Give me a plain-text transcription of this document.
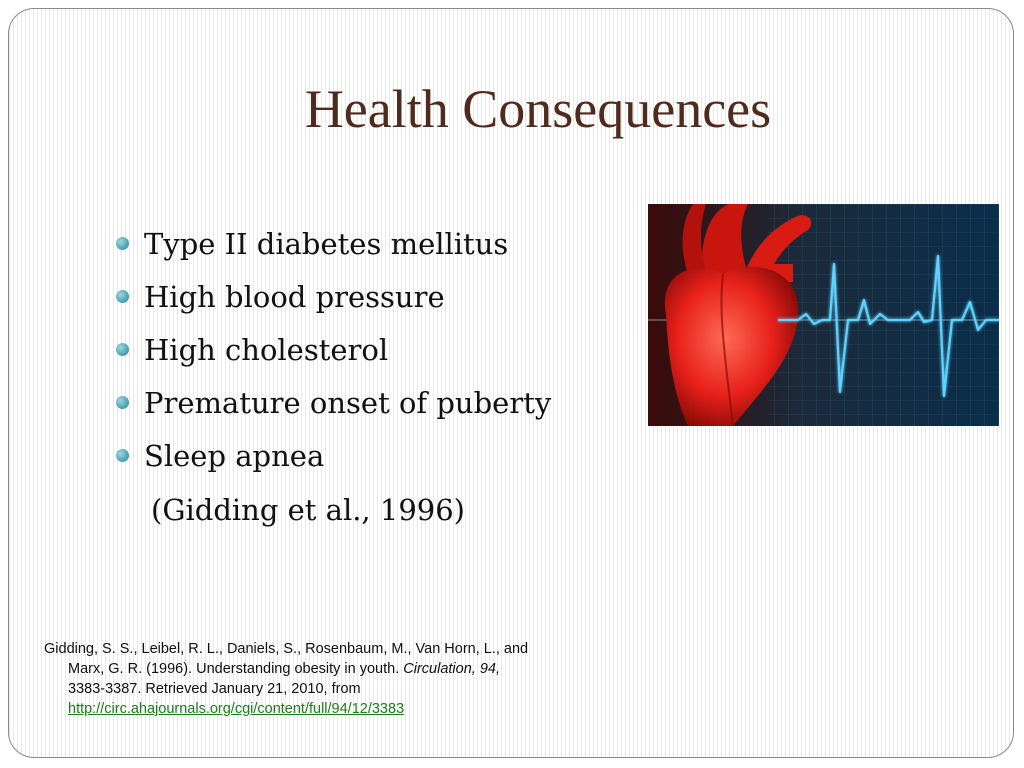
Health Consequences
Type II diabetes mellitus
High blood pressure
High cholesterol
Premature onset of puberty
Sleep apnea
(Gidding et al., 1996)
Gidding, S. S., Leibel, R. L., Daniels, S., Rosenbaum, M., Van Horn, L., and
Marx, G. R. (1996). Understanding obesity in youth. Circulation, 94,
3383-3387. Retrieved January 21, 2010, from
http://circ.ahajournals.org/cgi/content/full/94/12/3383
